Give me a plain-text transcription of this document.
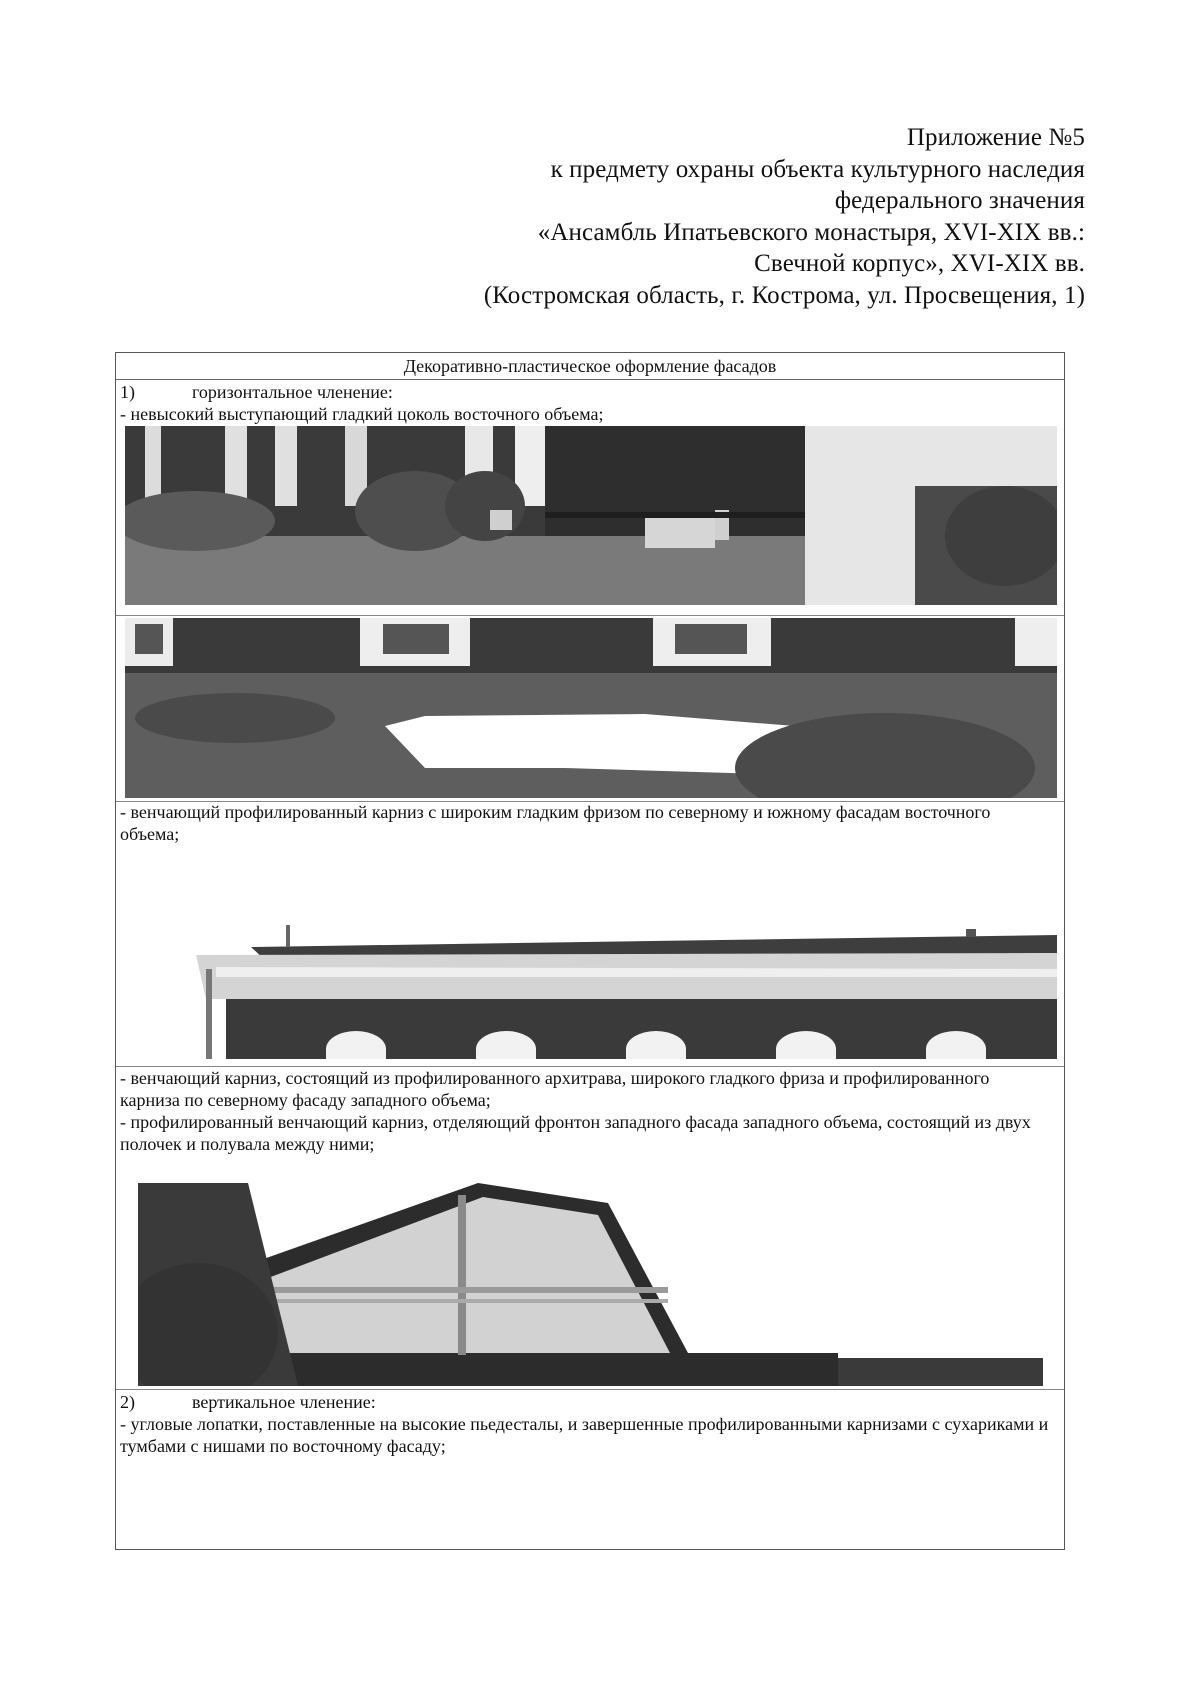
Приложение №5
к предмету охраны объекта культурного наследия
федерального значения
«Ансамбль Ипатьевского монастыря, XVI-XIX вв.:
Свечной корпус», XVI-XIX вв.
(Костромская область, г. Кострома, ул. Просвещения, 1)
Декоративно-пластическое оформление фасадов
1)	горизонтальное членение:
- невысокий выступающий гладкий цоколь восточного объема;
- венчающий профилированный карниз с широким гладким фризом по северному и южному фасадам восточного объема;
- венчающий карниз, состоящий из профилированного архитрава, широкого гладкого фриза и профилированного карниза по северному фасаду западного объема;
- профилированный венчающий карниз, отделяющий фронтон западного фасада западного объема, состоящий из двух полочек и полувала между ними;
2)	вертикальное членение:
- угловые лопатки, поставленные на высокие пьедесталы, и завершенные профилированными карнизами с сухариками и тумбами с нишами по восточному фасаду;
